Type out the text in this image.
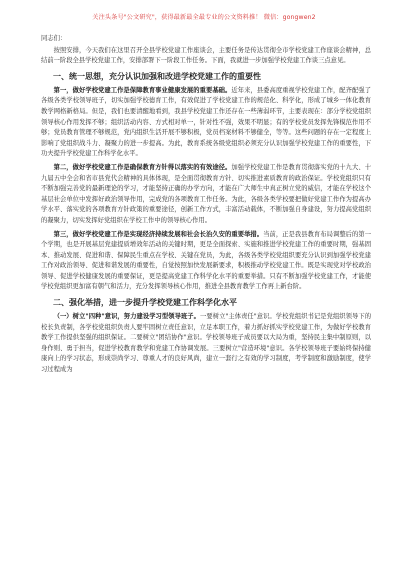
关注头条号"公文研究"，获得最新最全最专业的公文资料推！ 微信：gongwen2

同志们：

按照安排，今天我们在这里召开全县学校党建工作座谈会，主要任务是传达贯彻全市学校党建工作座谈会精神，总结前一阶段全县学校党建工作，安排部署下一阶段工作任务。下面，我就进一步加强学校党建工作谈三点意见。

一、统一思想，充分认识加强和改进学校党建工作的重要性

第一，做好学校党建工作是保障教育事业健康发展的重要基础。近年来，县委高度重视学校党建工作，配齐配强了各级各类学校领导班子，切实加强学校德育工作，有效促进了学校党建工作的规范化、科学化，形成了城乡一体化教育教学网格新格局。但是，我们也要清醒地看到，我县学校党建工作还存在一些薄弱环节，主要表现在：部分学校党组织领导核心作用发挥不够；组织活动内容、方式相对单一，针对性不强，效果不明显；有的学校党员发挥先锋模范作用不够；党员教育管理不够规范，党内组织生活开展不够积极，党员档案材料不够健全，等等。这些问题的存在一定程度上影响了党组织战斗力、凝聚力的进一步提高。为此，教育系统各级党组织必须充分认识加强学校党建工作的重要性，下功夫提升学校党建工作科学化水平。

第二，做好学校党建工作是确保教育方针得以落实的有效途径。加强学校党建工作是教育贯彻落实党的十九大、十九届五中全会和省市县党代会精神的具体体现，是全面贯彻教育方针、切实推进素质教育的政治保证。学校党组织只有不断加强完善党的最新理论的学习，才能坚持正确的办学方向，才能在广大师生中真正树立党的威信，才能在学校这个基层社会单位中发挥好政治领导作用，完成党的各项教育工作任务。为此，各级各类学校要把做好党建工作作为提高办学水平、落实党的各项教育方针政策的重要途径，创新工作方式，丰富活动载体，不断加强自身建设，努力提高党组织的凝聚力，切实发挥好党组织在学校工作中的领导核心作用。

第三，做好学校党建工作是实现经济持续发展和社会长治久安的重要举措。当前，正是我县教育布局调整后的第一个学期，也是开展基层党建提质增效年活动的关键时期，更是全面探索、实施和推进学校党建工作的重要时期，强基固本、推动发展、促进和谐、保障民生重点在学校、关键在党员，为此，各级各类学校党组织要充分认识到加强学校党建工作对政治领导、促进和谐发展的重要性，自觉按照加快发展新要求，积极推动学校党建工作。既是实现党对学校政治领导、促进学校健康发展的重要保证，更是提高党建工作科学化水平的重要举措。只有不断加强学校党建工作，才能使学校党组织更加富有朝气和活力，充分发挥领导核心作用，推进全县教育教学工作再上新台阶。

二、强化举措，进一步提升学校党建工作科学化水平

（一）树立"四种"意识，努力建设学习型领导班子。一要树立"主体责任"意识。学校党组织书记是党组织领导下的校长负责制，各学校党组织负责人要牢固树立责任意识，立足本职工作，着力抓好抓实学校党建工作，为做好学校教育教学工作提供坚强的组织保证。二要树立"团结协作"意识。学校领导班子成员要以大局为重，坚持民主集中制原则，以身作则、勇于担当，促进学校教育教学和党建工作协调发展。三要树立"营造环境"意识。各学校领导班子要始终保持健康向上的学习状态，形成崇尚学习、尊重人才的良好风尚，建立一套行之有效的学习制度，考学制度和激励制度，使学习过程成为
